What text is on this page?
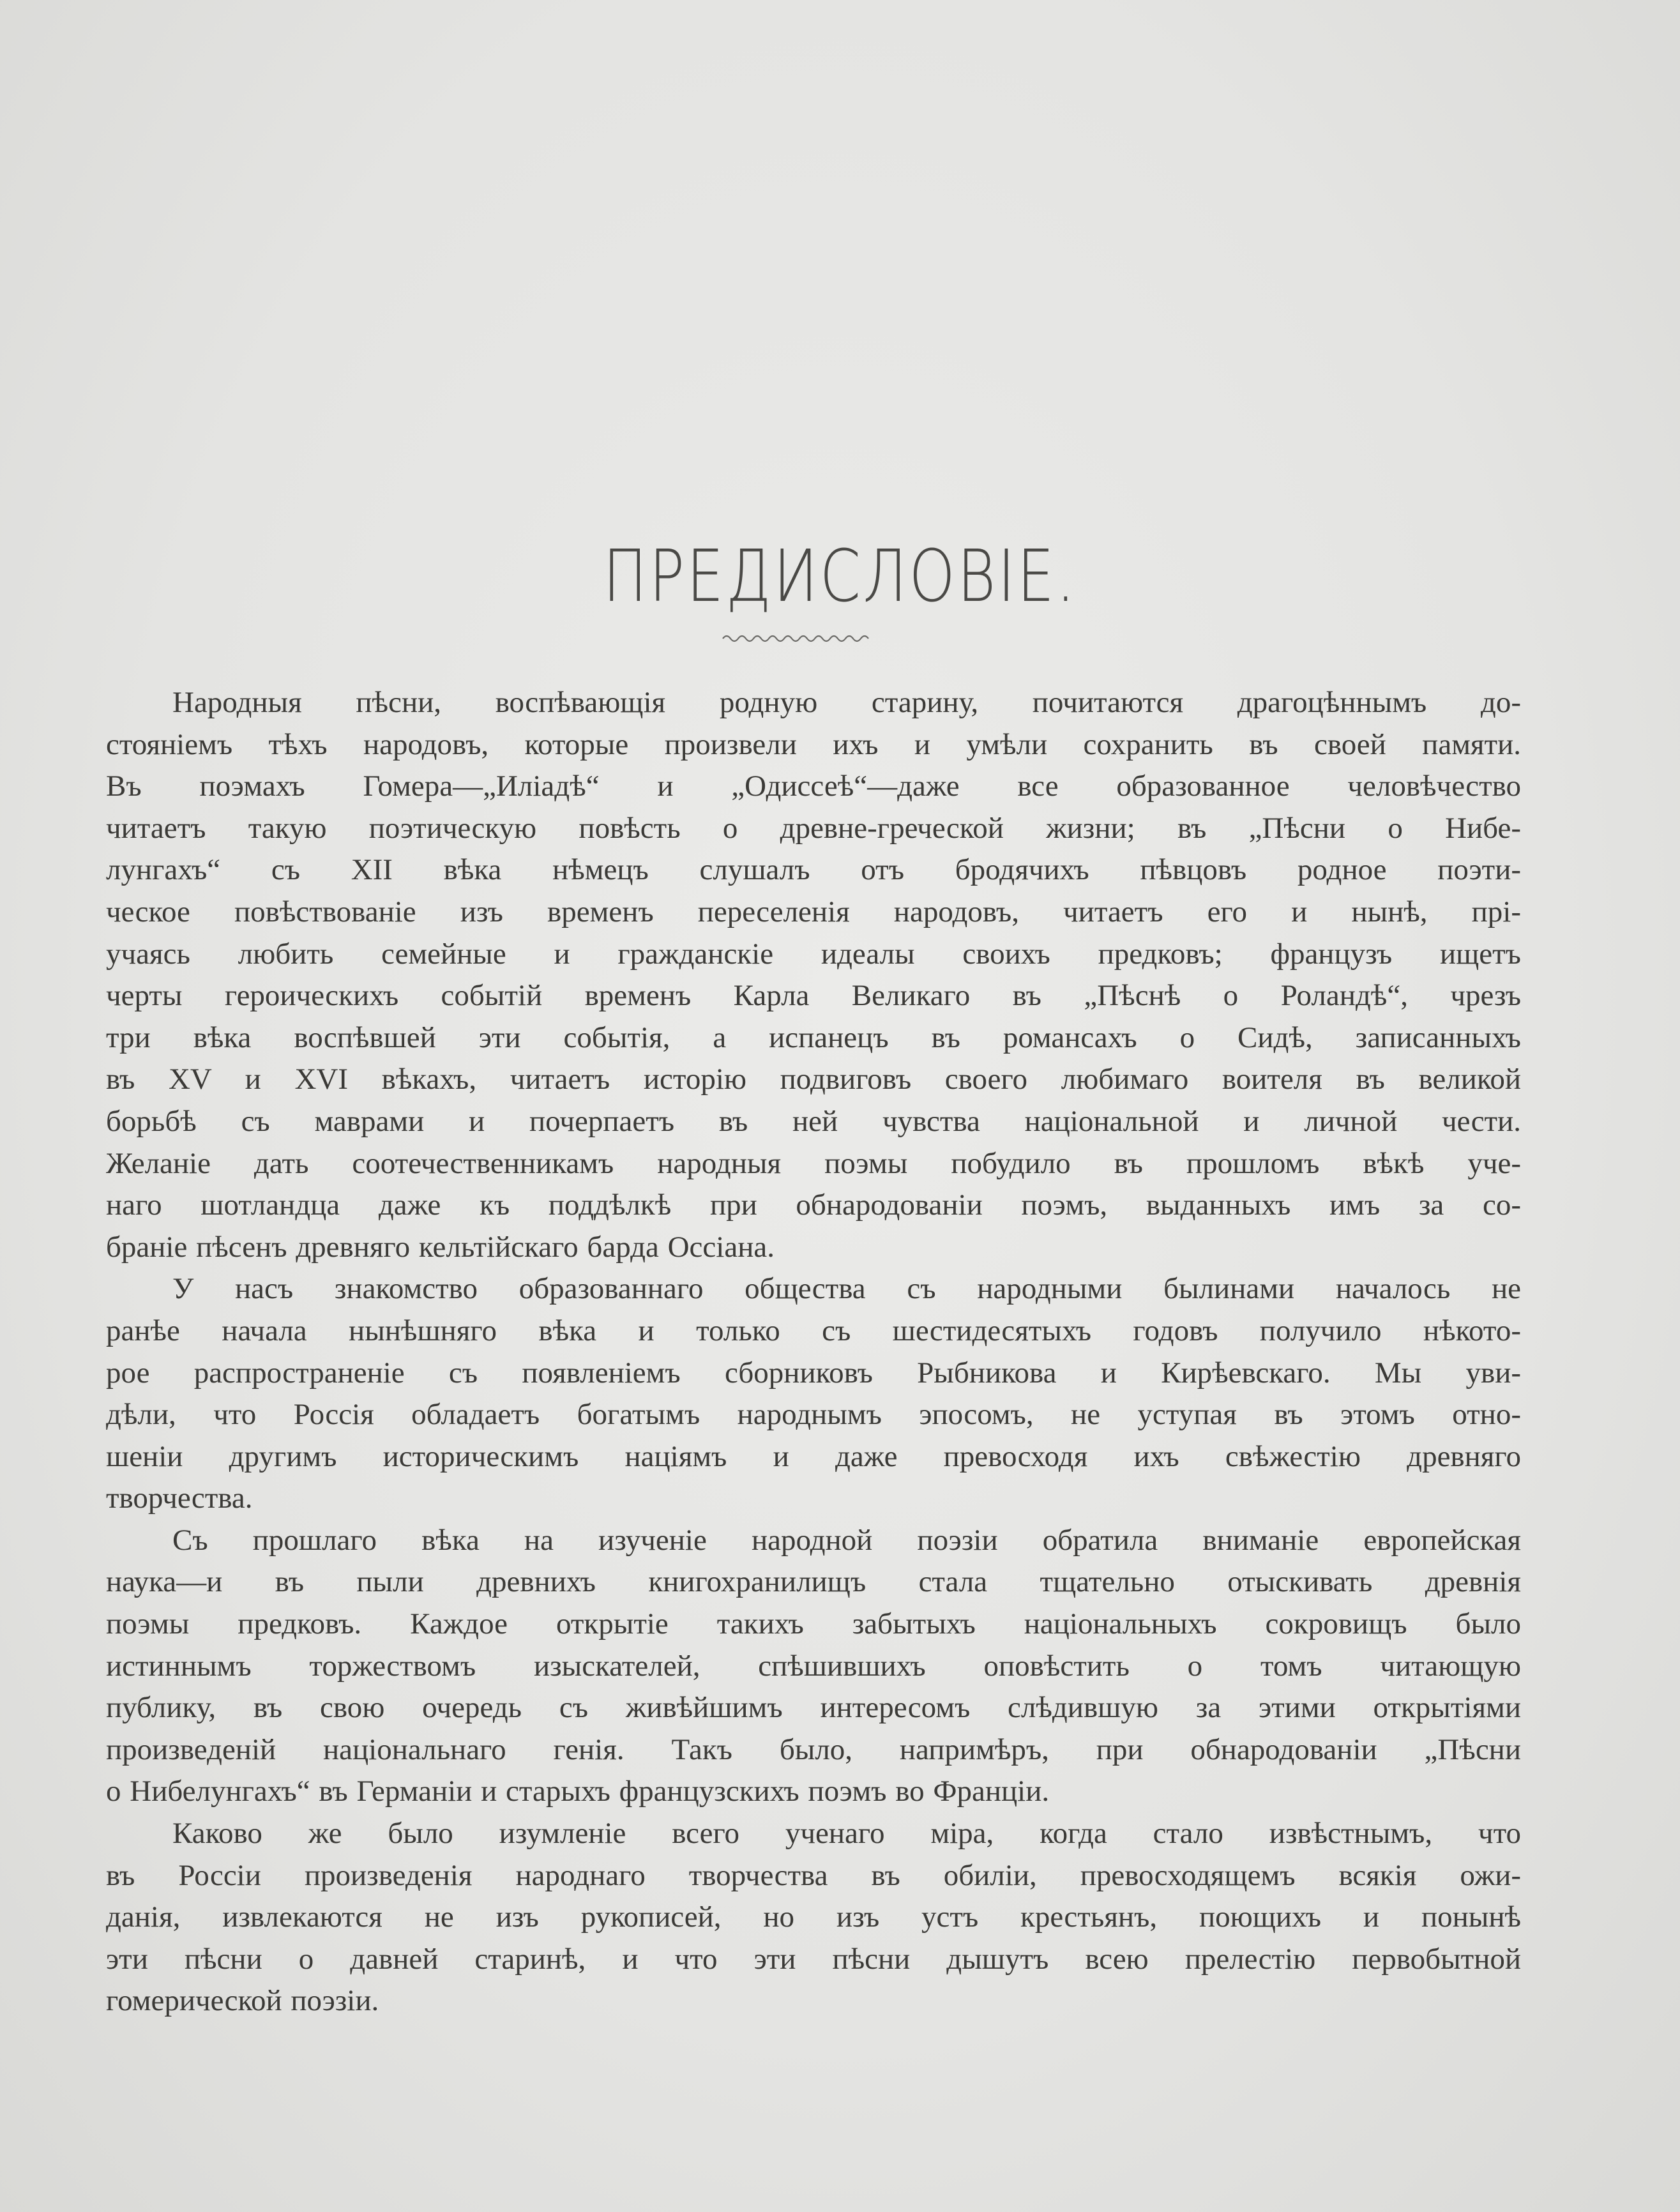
ПРЕДИСЛОВІЕ.
Народныя пѣсни, воспѣвающія родную старину, почитаются драгоцѣннымъ до-
стояніемъ тѣхъ народовъ, которые произвели ихъ и умѣли сохранить въ своей памяти.
Въ поэмахъ Гомера—„Иліадѣ“ и „Одиссеѣ“—даже все образованное человѣчество
читаетъ такую поэтическую повѣсть о древне-греческой жизни; въ „Пѣсни о Нибе-
лунгахъ“ съ XII вѣка нѣмецъ слушалъ отъ бродячихъ пѣвцовъ родное поэти-
ческое повѣствованіе изъ временъ переселенія народовъ, читаетъ его и нынѣ, прі-
учаясь любить семейные и гражданскіе идеалы своихъ предковъ; французъ ищетъ
черты героическихъ событій временъ Карла Великаго въ „Пѣснѣ о Роландѣ“, чрезъ
три вѣка воспѣвшей эти событія, а испанецъ въ романсахъ о Сидѣ, записанныхъ
въ XV и XVI вѣкахъ, читаетъ исторію подвиговъ своего любимаго воителя въ великой
борьбѣ съ маврами и почерпаетъ въ ней чувства національной и личной чести.
Желаніе дать соотечественникамъ народныя поэмы побудило въ прошломъ вѣкѣ уче-
наго шотландца даже къ поддѣлкѣ при обнародованіи поэмъ, выданныхъ имъ за со-
браніе пѣсенъ древняго кельтійскаго барда Оссіана.
У насъ знакомство образованнаго общества съ народными былинами началось не
ранѣе начала нынѣшняго вѣка и только съ шестидесятыхъ годовъ получило нѣкото-
рое распространеніе съ появленіемъ сборниковъ Рыбникова и Кирѣевскаго. Мы уви-
дѣли, что Россія обладаетъ богатымъ народнымъ эпосомъ, не уступая въ этомъ отно-
шеніи другимъ историческимъ націямъ и даже превосходя ихъ свѣжестію древняго
творчества.
Съ прошлаго вѣка на изученіе народной поэзіи обратила вниманіе европейская
наука—и въ пыли древнихъ книгохранилищъ стала тщательно отыскивать древнія
поэмы предковъ. Каждое открытіе такихъ забытыхъ національныхъ сокровищъ было
истиннымъ торжествомъ изыскателей, спѣшившихъ оповѣстить о томъ читающую
публику, въ свою очередь съ живѣйшимъ интересомъ слѣдившую за этими открытіями
произведеній національнаго генія. Такъ было, напримѣръ, при обнародованіи „Пѣсни
о Нибелунгахъ“ въ Германіи и старыхъ французскихъ поэмъ во Франціи.
Каково же было изумленіе всего ученаго міра, когда стало извѣстнымъ, что
въ Россіи произведенія народнаго творчества въ обиліи, превосходящемъ всякія ожи-
данія, извлекаются не изъ рукописей, но изъ устъ крестьянъ, поющихъ и понынѣ
эти пѣсни о давней старинѣ, и что эти пѣсни дышутъ всею прелестію первобытной
гомерической поэзіи.
